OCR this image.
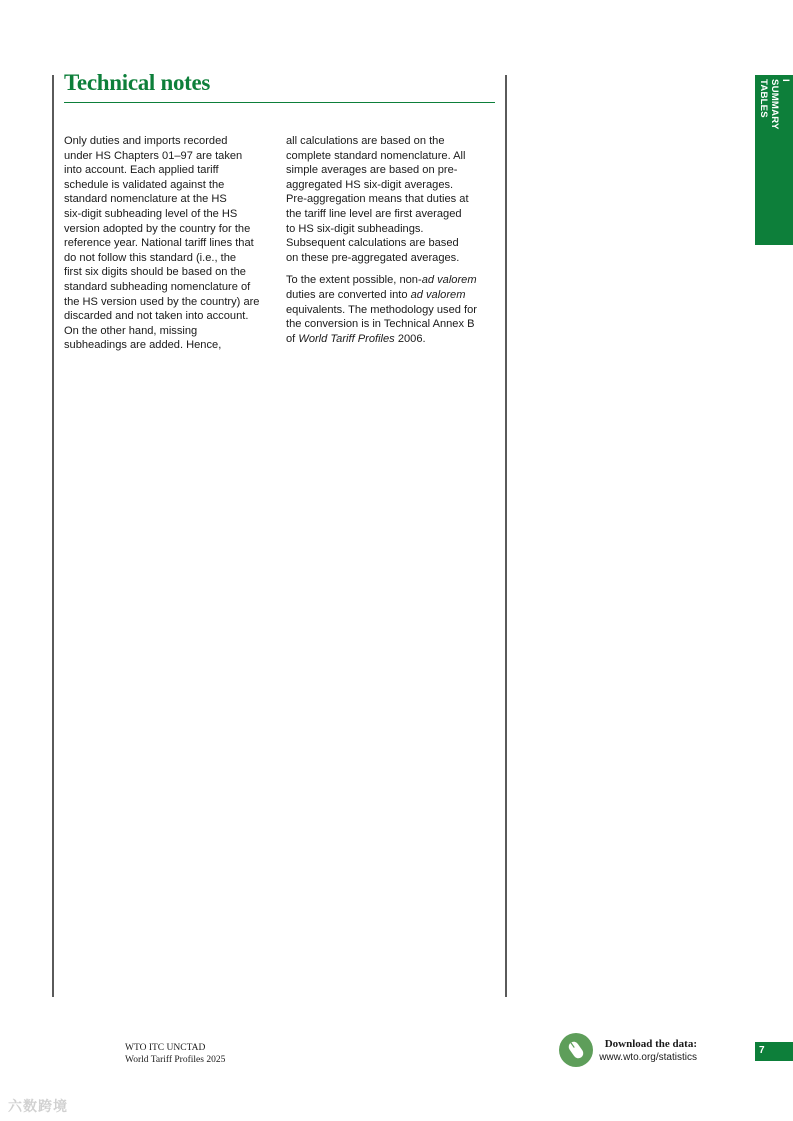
Technical notes

Only duties and imports recorded
under HS Chapters 01–97 are taken
into account. Each applied tariff
schedule is validated against the
standard nomenclature at the HS
six-digit subheading level of the HS
version adopted by the country for the
reference year. National tariff lines that
do not follow this standard (i.e., the
first six digits should be based on the
standard subheading nomenclature of
the HS version used by the country) are
discarded and not taken into account.
On the other hand, missing
subheadings are added. Hence,

all calculations are based on the
complete standard nomenclature. All
simple averages are based on pre-
aggregated HS six-digit averages.
Pre-aggregation means that duties at
the tariff line level are first averaged
to HS six-digit subheadings.
Subsequent calculations are based
on these pre-aggregated averages.

To the extent possible, non-ad valorem
duties are converted into ad valorem
equivalents. The methodology used for
the conversion is in Technical Annex B
of World Tariff Profiles 2006.

I
SUMMARY
TABLES
WTO ITC UNCTAD
World Tariff Profiles 2025
Download the data:
www.wto.org/statistics
7
六数跨境
